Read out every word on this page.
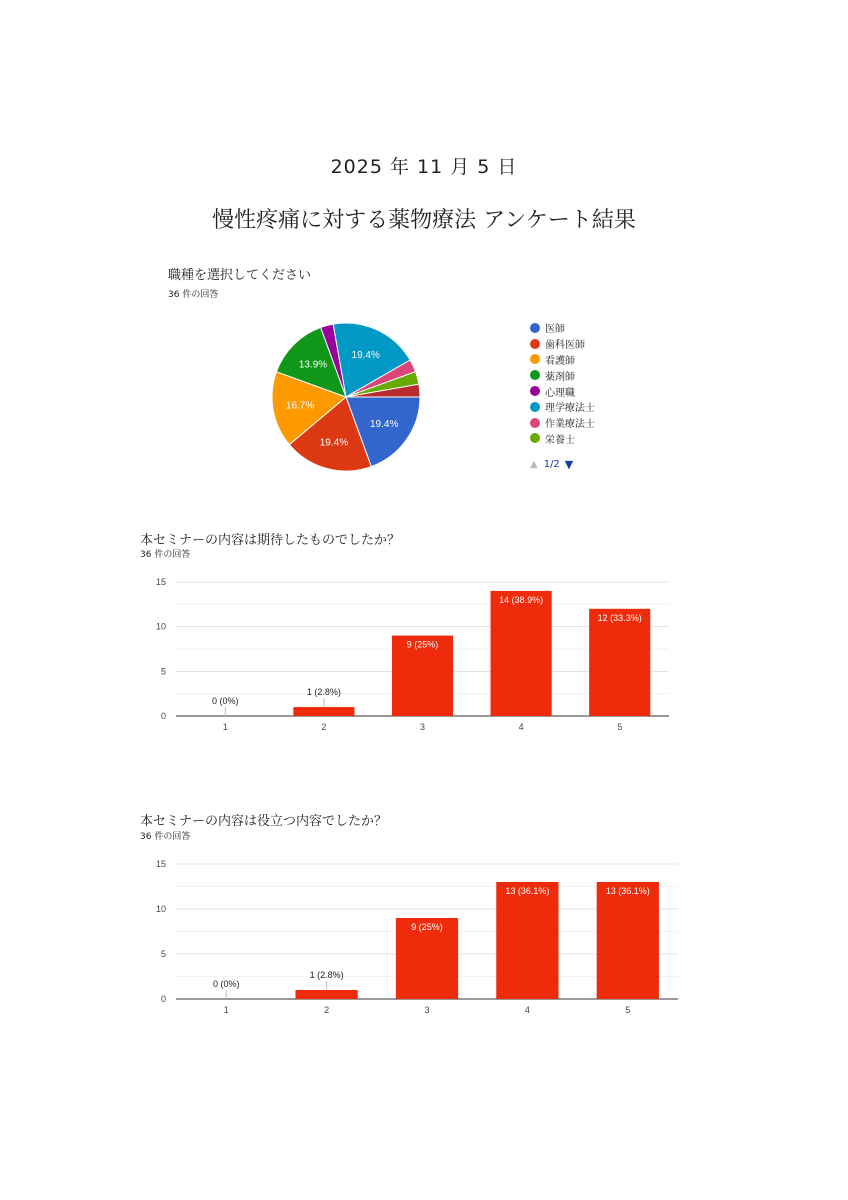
2025 年 11 月 5 日
慢性疼痛に対する薬物療法 アンケート結果
職種を選択してください
36 件の回答
19.4%
19.4%
16.7%
13.9%
19.4%
医師
歯科医師
看護師
薬剤師
心理職
理学療法士
作業療法士
栄養士
▲ 1/2 ▼
本セミナーの内容は期待したものでしたか？
36 件の回答
0
5
10
15
1
0 (0%)
2
1 (2.8%)
3
9 (25%)
4
14 (38.9%)
5
12 (33.3%)
本セミナーの内容は役立つ内容でしたか？
36 件の回答
0
5
10
15
1
0 (0%)
2
1 (2.8%)
3
9 (25%)
4
13 (36.1%)
5
13 (36.1%)
